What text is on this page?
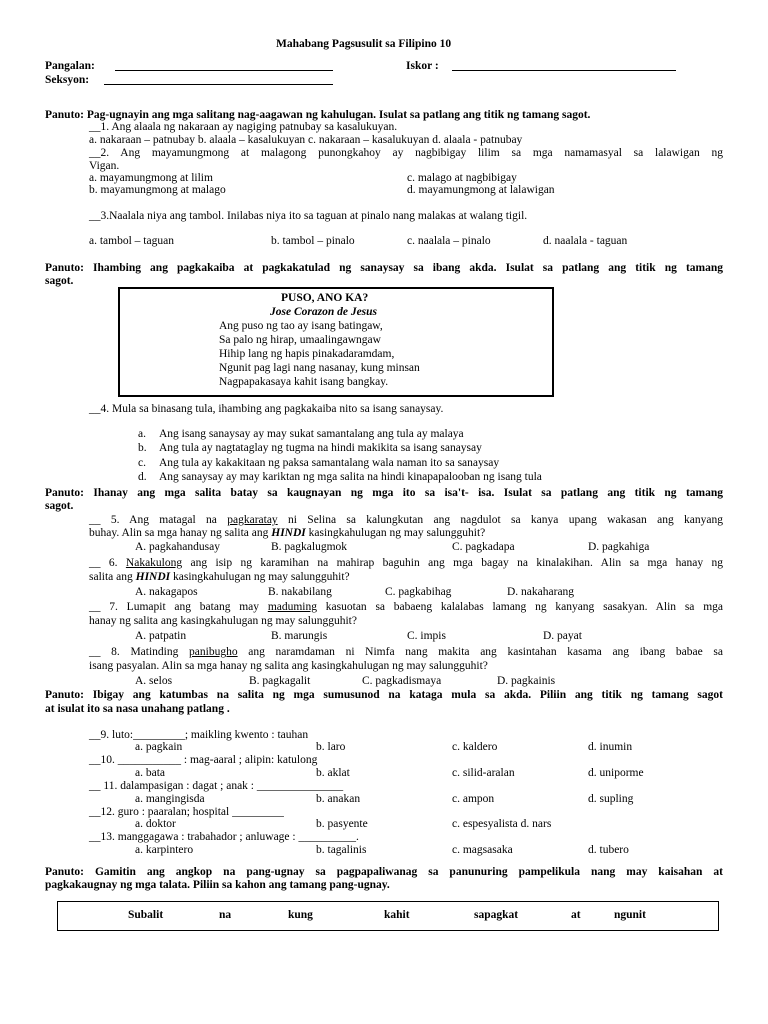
Mahabang Pagsusulit sa Filipino 10
Pangalan:	Iskor :
Seksyon:
Panuto: Pag-ugnayin ang mga salitang nag-aagawan ng kahulugan. Isulat sa patlang ang titik ng tamang sagot.
__1. Ang alaala ng nakaraan ay nagiging patnubay sa kasalukuyan.
a. nakaraan – patnubay b. alaala – kasalukuyan c. nakaraan – kasalukuyan d. alaala - patnubay
__2. Ang mayamungmong at malagong punongkahoy ay nagbibigay lilim sa mga namamasyal sa lalawigan ng
Vigan.
a. mayamungmong at lilim	c. malago at nagbibigay
b. mayamungmong at malago	d. mayamungmong at lalawigan
__3.Naalala niya ang tambol. Inilabas niya ito sa taguan at pinalo nang malakas at walang tigil.
a. tambol – taguan	b. tambol – pinalo	c. naalala – pinalo	d. naalala - taguan
Panuto: Ihambing ang pagkakaiba at pagkakatulad ng sanaysay sa ibang akda. Isulat sa patlang ang titik ng tamang
sagot.
PUSO, ANO KA?
Jose Corazon de Jesus
Ang puso ng tao ay isang batingaw,
Sa palo ng hirap, umaalingawngaw
Hihip lang ng hapis pinakadaramdam,
Ngunit pag lagi nang nasanay, kung minsan
Nagpapakasaya kahit isang bangkay.
__4. Mula sa binasang tula, ihambing ang pagkakaiba nito sa isang sanaysay.
a. Ang isang sanaysay ay may sukat samantalang ang tula ay malaya
b. Ang tula ay nagtataglay ng tugma na hindi makikita sa isang sanaysay
c. Ang tula ay kakakitaan ng paksa samantalang wala naman ito sa sanaysay
d. Ang sanaysay ay may kariktan ng mga salita na hindi kinapapalooban ng isang tula
Panuto: Ihanay ang mga salita batay sa kaugnayan ng mga ito sa isa't- isa. Isulat sa patlang ang titik ng tamang
sagot.
__ 5. Ang matagal na pagkaratay ni Selina sa kalungkutan ang nagdulot sa kanya upang wakasan ang kanyang
buhay. Alin sa mga hanay ng salita ang HINDI kasingkahulugan ng may salungguhit?
A. pagkahandusay	B. pagkalugmok	C. pagkadapa	D. pagkahiga
__ 6. Nakakulong ang isip ng karamihan na mahirap baguhin ang mga bagay na kinalakihan. Alin sa mga hanay ng
salita ang HINDI kasingkahulugan ng may salungguhit?
A. nakagapos	B. nakabilang	C. pagkabihag	D. nakaharang
__ 7. Lumapit ang batang may maduming kasuotan sa babaeng kalalabas lamang ng kanyang sasakyan. Alin sa mga
hanay ng salita ang kasingkahulugan ng may salungguhit?
A. patpatin	B. marungis	C. impis	D. payat
__ 8. Matinding panibugho ang naramdaman ni Nimfa nang makita ang kasintahan kasama ang ibang babae sa
isang pasyalan. Alin sa mga hanay ng salita ang kasingkahulugan ng may salungguhit?
A. selos	B. pagkagalit	C. pagkadismaya	D. pagkainis
Panuto: Ibigay ang katumbas na salita ng mga sumusunod na kataga mula sa akda. Piliin ang titik ng tamang sagot
at isulat ito sa nasa unahang patlang .
__9. luto:_________; maikling kwento : tauhan
a. pagkain	b. laro	c. kaldero	d. inumin
__10. ___________ : mag-aaral ; alipin: katulong
a. bata	b. aklat	c. silid-aralan	d. uniporme
__ 11. dalampasigan : dagat ; anak : _______________
a. mangingisda	b. anakan	c. ampon	d. supling
__12. guro : paaralan; hospital _________
a. doktor	b. pasyente	c. espesyalista d. nars
__13. manggagawa : trabahador ; anluwage : __________.
a. karpintero	b. tagalinis	c. magsasaka	d. tubero
Panuto: Gamitin ang angkop na pang-ugnay sa pagpapaliwanag sa panunuring pampelikula nang may kaisahan at
pagkakaugnay ng mga talata. Piliin sa kahon ang tamang pang-ugnay.
Subalit	na	kung	kahit	sapagkat	at	ngunit
